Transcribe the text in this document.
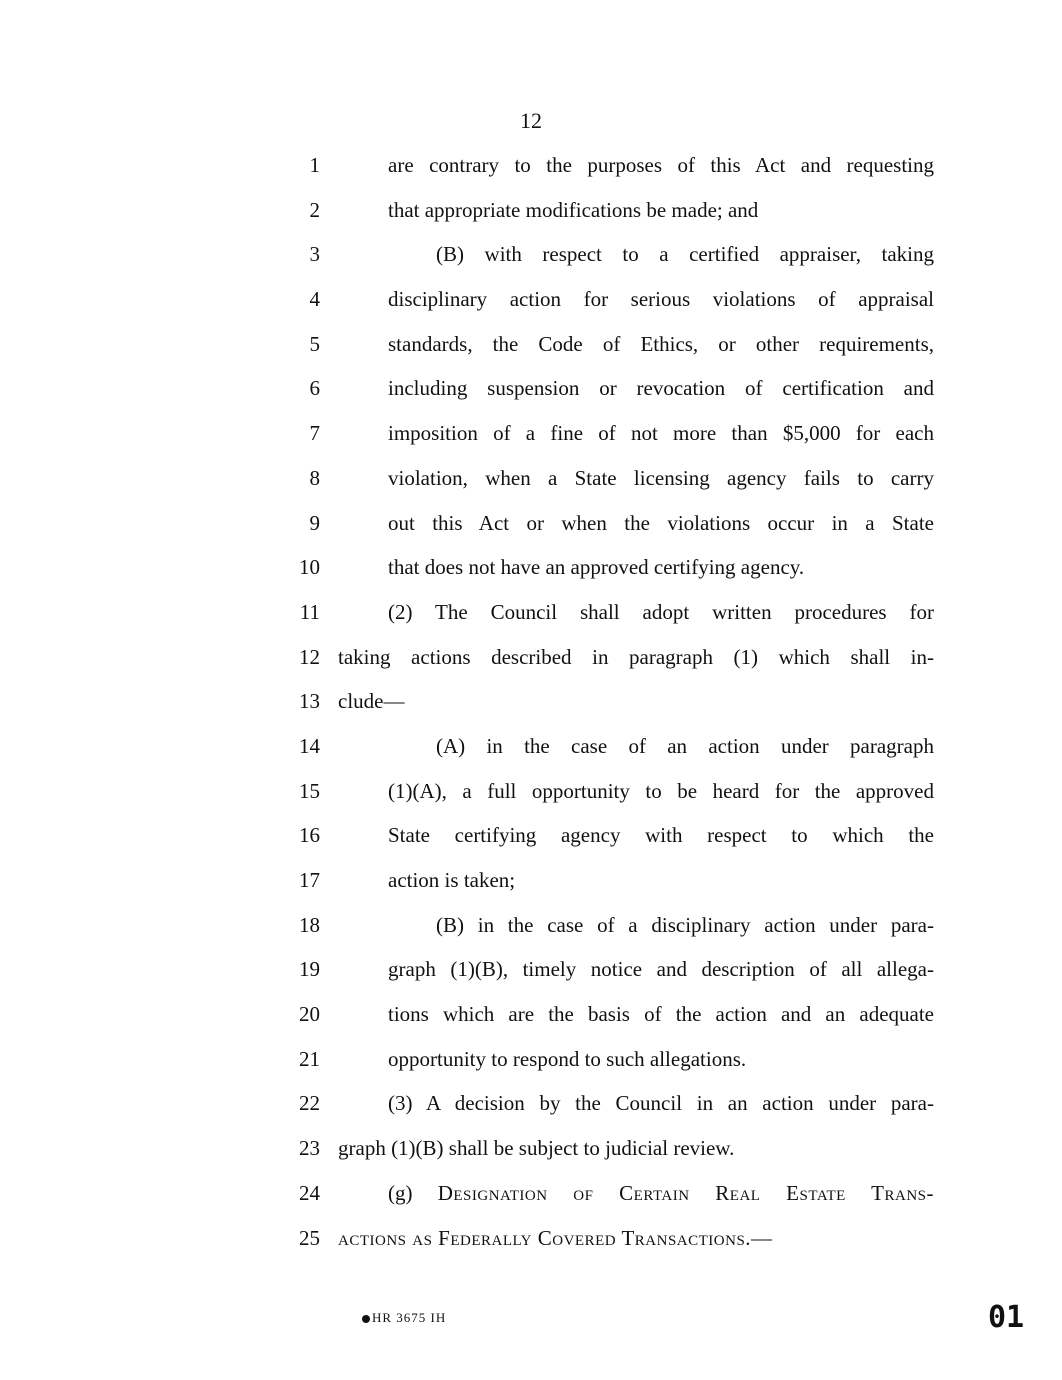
12
1	are contrary to the purposes of this Act and requesting
2	that appropriate modifications be made; and
3	(B) with respect to a certified appraiser, taking
4	disciplinary action for serious violations of appraisal
5	standards, the Code of Ethics, or other requirements,
6	including suspension or revocation of certification and
7	imposition of a fine of not more than $5,000 for each
8	violation, when a State licensing agency fails to carry
9	out this Act or when the violations occur in a State
10	that does not have an approved certifying agency.
11	(2) The Council shall adopt written procedures for
12 taking actions described in paragraph (1) which shall in-
13 clude—
14	(A) in the case of an action under paragraph
15	(1)(A), a full opportunity to be heard for the approved
16	State certifying agency with respect to which the
17	action is taken;
18	(B) in the case of a disciplinary action under para-
19	graph (1)(B), timely notice and description of all allega-
20	tions which are the basis of the action and an adequate
21	opportunity to respond to such allegations.
22	(3) A decision by the Council in an action under para-
23 graph (1)(B) shall be subject to judicial review.
24	(g) Designation of Certain Real Estate Trans-
25 actions as Federally Covered Transactions.—
HR 3675 IH	01
